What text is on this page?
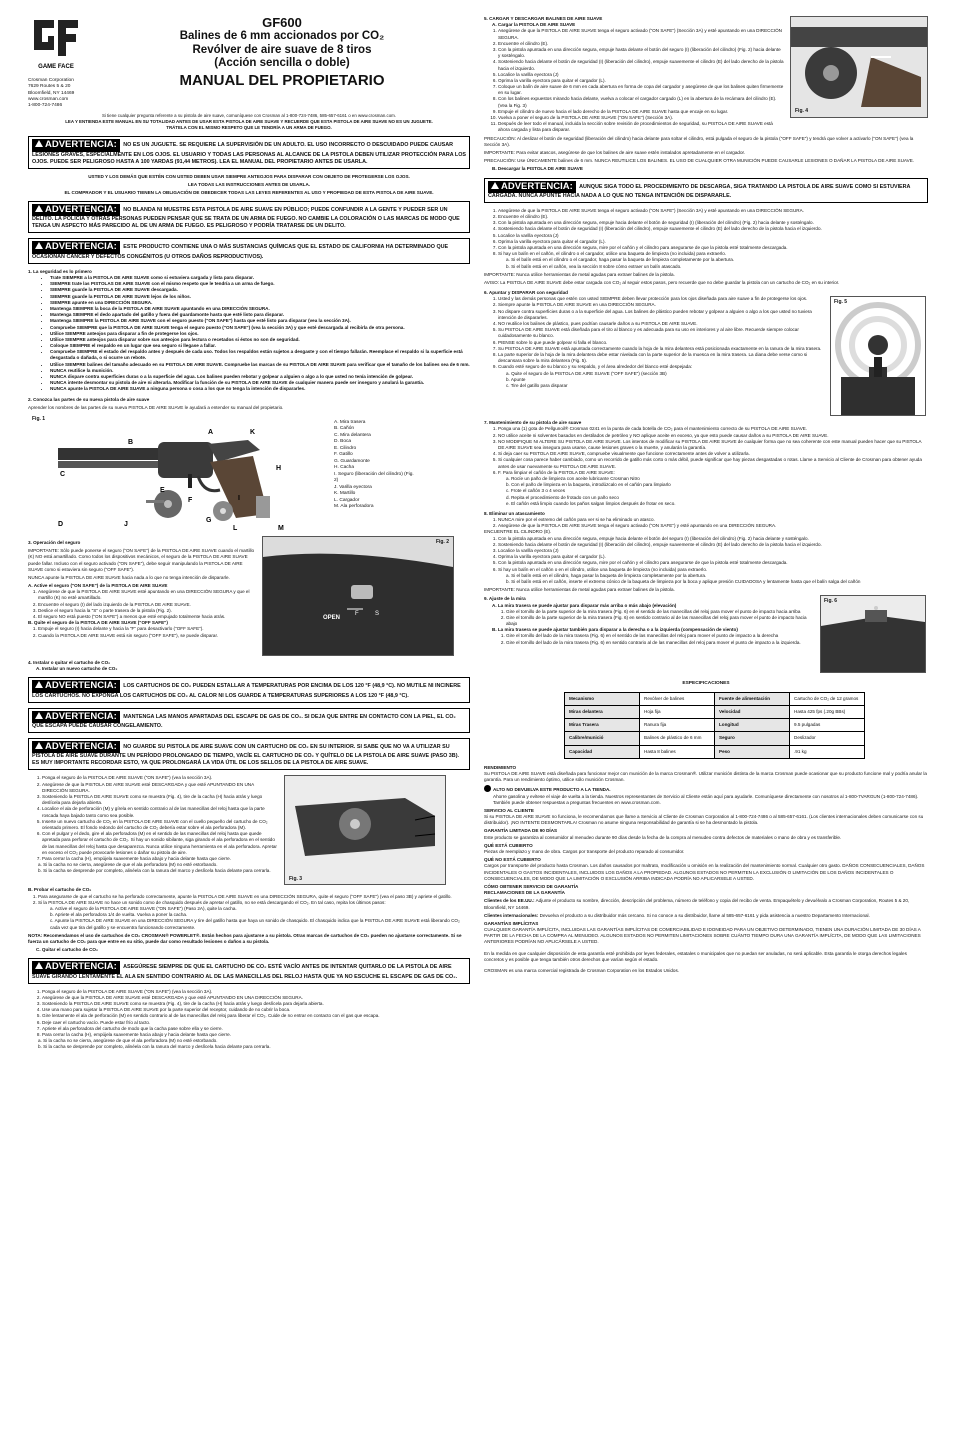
GAME FACE
Crosman Corporation
7629 Routes 5 & 20
Bloomfield, NY 14469
www.crosman.com
1-800-724-7486
GF600
Balines de 6 mm accionados por CO₂
Revólver de aire suave de 8 tiros
(Acción sencilla o doble)
MANUAL DEL PROPIETARIO
Si tiene cualquier pregunta referente a su pistola de aire suave, comuníquese con Crosman al 1-800-724-7486, 585-657-6161 o en www.crosman.com.
LEA Y ENTIENDA ESTE MANUAL EN SU TOTALIDAD ANTES DE USAR ESTA PISTOLA DE AIRE SUAVE Y RECUERDE QUE ESTA PISTOLA DE AIRE SUAVE NO ES UN JUGUETE.
TRÁTELA CON EL MISMO RESPETO QUE LE TENDRÍA A UN ARMA DE FUEGO.
ADVERTENCIA: NO ES UN JUGUETE. SE REQUIERE LA SUPERVISIÓN DE UN ADULTO. EL USO INCORRECTO O DESCUIDADO PUEDE CAUSAR LESIONES GRAVES, ESPECIALMENTE EN LOS OJOS. EL USUARIO Y TODAS LAS PERSONAS AL ALCANCE DE LA PISTOLA DEBEN UTILIZAR PROTECCIÓN PARA LOS OJOS. PUEDE SER PELIGROSO HASTA A 100 YARDAS (91,44 METROS). LEA EL MANUAL DEL PROPIETARIO ANTES DE USARLA.

USTED Y LOS DEMÁS QUE ESTÉN CON USTED DEBEN USAR SIEMPRE ANTEOJOS PARA DISPARAR CON OBJETO DE PROTEGERSE LOS OJOS.

LEA TODAS LAS INSTRUCCIONES ANTES DE USARLA.

EL COMPRADOR Y EL USUARIO TIENEN LA OBLIGACIÓN DE OBEDECER TODAS LAS LEYES REFERENTES AL USO Y PROPIEDAD DE ESTA PISTOLA DE AIRE SUAVE.

ADVERTENCIA: NO BLANDA NI MUESTRE ESTA PISTOLA DE AIRE SUAVE EN PÚBLICO; PUEDE CONFUNDIR A LA GENTE Y PUEDER SER UN DELITO. LA POLICÍA Y OTRAS PERSONAS PUEDEN PENSAR QUE SE TRATA DE UN ARMA DE FUEGO. NO CAMBIE LA COLORACIÓN O LAS MARCAS DE MODO QUE TENGA UN ASPECTO MÁS PARECIDO AL DE UN ARMA DE FUEGO. ES PELIGROSO Y PODRÍA TRATARSE DE UN DELITO.
ADVERTENCIA: ESTE PRODUCTO CONTIENE UNA O MÁS SUSTANCIAS QUÍMICAS QUE EL ESTADO DE CALIFORNIA HA DETERMINADO QUE OCASIONAN CÁNCER Y DEFECTOS CONGÉNITOS (U OTROS DAÑOS REPRODUCTIVOS).
1. La seguridad es lo primero
• Trate SIEMPRE a la PISTOLA DE AIRE SUAVE como si estuviera cargada y lista para disparar.
• SIEMPRE trate las PISTOLAS DE AIRE SUAVE con el mismo respeto que le tendría a un arma de fuego.
• SIEMPRE guarde la PISTOLA DE AIRE SUAVE descargada.
• SIEMPRE guarde la PISTOLA DE AIRE SUAVE lejos de los niños.
• SIEMPRE apunte en una DIRECCIÓN SEGURA.
• Mantenga SIEMPRE la boca de la PISTOLA DE AIRE SUAVE apuntando en una DIRECCIÓN SEGURA.
• Mantenga SIEMPRE el dedo apartado del gatillo y fuera del guardamonte hasta que esté listo para disparar.
• Mantenga SIEMPRE la PISTOLA DE AIRE SUAVE con el seguro puesto ("ON SAFE") hasta que esté listo para disparar (vea la sección 3A).
• Compruebe SIEMPRE que la PISTOLA DE AIRE SUAVE tenga el seguro puesto ("ON SAFE") (vea la sección 3A) y que esté descargada al recibirla de otra persona.
• Utilice SIEMPRE anteojos para disparar a fin de protegerse los ojos.
• Utilice SIEMPRE anteojos para disparar sobre sus anteojos para lectura o recetados si éstos no son de seguridad.
• Coloque SIEMPRE el respaldo en un lugar que sea seguro si llegase a fallar.
• Compruebe SIEMPRE el estado del respaldo antes y después de cada uso. Todos los respaldos están sujetos a desgaste y con el tiempo fallarán. Reemplace el respaldo si la superficie está desgastada o dañada, o si ocurre un rebote.
• Utilice SIEMPRE balines del tamaño adecuado en su PISTOLA DE AIRE SUAVE. Compruebe las marcas de su PISTOLA DE AIRE SUAVE para verificar que el tamaño de los balines sea de 6 mm.
• NUNCA reutilice la munición.
• NUNCA dispare contra superficies duras o a la superficie del agua. Los balines pueden rebotar y golpear a alguien o algo a lo que usted no tenía intención de golpear.
• NUNCA intente desmontar su pistola de aire ni alterarla. Modificar la función de su PISTOLA DE AIRE SUAVE de cualquier manera puede ser inseguro y anulará la garantía.
• NUNCA apunte la PISTOLA DE AIRE SUAVE a ninguna persona o cosa a los que no tenga la intención de dispararles.
2. Conozca las partes de su nueva pistola de aire suave

Aprender los nombres de las partes de su nueva PISTOLA DE AIRE SUAVE le ayudará a entender su manual del propietario.

Fig. 1
A
B
K
C
H
F	I
D	J
E
G
L	M
A. Mira trasera
B. Cañón
C. Mira delantera
D. Boca
E. Cilindro
F. Gatillo
G. Guardamonte
H. Cacha
I. Seguro (liberación del cilindro) (Fig. 2)
J. Varilla eyectora
K. Martillo
L. Cargador
M. Ala perforadora
3. Operación del seguro

IMPORTANTE: Sólo puede ponerse el seguro ("ON SAFE") de la PISTOLA DE AIRE SUAVE cuando el martillo (K) NO está amartillado. Como todos los dispositivos mecánicos, el seguro de la PISTOLA DE AIRE SUAVE puede fallar. Incluso con el seguro activado ("ON SAFE"), debe seguir manipulando la PISTOLA DE AIRE SUAVE como si estuviera sin seguro ("OFF SAFE").

NUNCA apunte la PISTOLA DE AIRE SUAVE hacia nada a lo que no tenga intención de dispararle.

A. Active el seguro ("ON SAFE") de la PISTOLA DE AIRE SUAVE
1. Asegúrese de que la PISTOLA DE AIRE SUAVE esté apuntando en una DIRECCIÓN SEGURA y que el martillo (K) no esté amartillado.
2. Encuentre el seguro (I) del lado izquierdo de la PISTOLA DE AIRE SUAVE.
3. Deslice el seguro hacia la "S" o parte trasera de la pistola (Fig. 2).
4. El seguro NO está puesto ("ON SAFE") a menos que esté empujado totalmente hacia atrás.
B. Quite el seguro de la PISTOLA DE AIRE SUAVE ("OFF SAFE")
1. Empuje el seguro (I) hacia delante y hacia la "F" para desactivarlo ("OFF SAFE").
2. Cuando la PISTOLA DE AIRE SUAVE está sin seguro ("OFF SAFE"), se puede disparar.
Fig. 2
OPEN
F	S
4. Instalar o quitar el cartucho de CO₂
A. Instalar un nuevo cartucho de CO₂
ADVERTENCIA: LOS CARTUCHOS DE CO₂ PUEDEN ESTALLAR A TEMPERATURAS POR ENCIMA DE LOS 120 °F (48,9 °C). NO MUTILE NI INCINERE LOS CARTUCHOS. NO EXPONGA LOS CARTUCHOS DE CO₂ AL CALOR NI LOS GUARDE A TEMPERATURAS SUPERIORES A LOS 120 °F (48,9 °C).
ADVERTENCIA: MANTENGA LAS MANOS APARTADAS DEL ESCAPE DE GAS DE CO₂. SI DEJA QUE ENTRE EN CONTACTO CON LA PIEL, EL CO₂ QUE ESCAPA PUEDE CAUSAR CONGELAMIENTO.
ADVERTENCIA: NO GUARDE SU PISTOLA DE AIRE SUAVE CON UN CARTUCHO DE CO₂ EN SU INTERIOR. SI SABE QUE NO VA A UTILIZAR SU PISTOLA DE AIRE SUAVE DURANTE UN PERÍODO PROLONGADO DE TIEMPO, VACÍE EL CARTUCHO DE CO₂ Y QUÍTELO DE LA PISTOLA DE AIRE SUAVE (PASO 3B). ES MUY IMPORTANTE RECORDAR ESTO, YA QUE PROLONGARÁ LA VIDA ÚTIL DE LOS SELLOS DE LA PISTOLA DE AIRE SUAVE.
1. Ponga el seguro de la PISTOLA DE AIRE SUAVE ("ON SAFE") (vea la sección 3A).
2. Asegúrese de que la PISTOLA DE AIRE SUAVE esté DESCARGADA y que esté APUNTANDO EN UNA DIRECCIÓN SEGURA.
3. Sosteniendo la PISTOLA DE AIRE SUAVE como se muestra (Fig. 4), tire de la cacha (H) hacia atrás y luego deslícela para dejarla abierta.
4. Localice el ala de perforación (M) y gírela en sentido contrario al de las manecillas del reloj hasta que la parte roscada haya bajado tanto como sea posible.
5. Inserte un nuevo cartucho de CO₂ en la PISTOLA DE AIRE SUAVE con el cuello pequeño del cartucho de CO₂ orientado primero. El fondo redondo del cartucho de CO₂ debería estar sobre el ala perforadora (M).
6. Con el pulgar y el dedo, gire el ala perforadora (M) en el sentido de las manecillas del reloj hasta que quede apretada para perforar el cartucho de CO₂. Si hay un sonido sibilante, siga girando el ala perforadora en el sentido de las manecillas del reloj hasta que desaparezca. Nunca utilice ninguna herramienta en el ala perforadora. Apretar en exceso el CO₂ puede provocarle lesiones o dañar su pistola de aire.
7. Para cerrar la cacha (H), empújela suavemente hacia abajo y hacia delante hasta que cierre.
a. Si la cacha no se cierra, asegúrese de que el ala perforadora (M) no esté estorbando.
b. Si la cacha se desprende por completo, alinéela con la ranura del marco y deslícela hacia delante para cerrarla.
Fig. 3
B. Probar el cartucho de CO₂
1. Para asegurarse de que el cartucho se ha perforado correctamente, apunte la PISTOLA DE AIRE SUAVE en una DIRECCIÓN SEGURA, quite el seguro ("OFF SAFE") (vea el paso 3B) y apriete el gatillo.
2. Si la PISTOLA DE AIRE SUAVE no hace un sonido como de chasquido después de apretar el gatillo, no se está descargando el CO₂. En tal caso, repita los últimos pasos:
a. Active el seguro de la PISTOLA DE AIRE SUAVE ("ON SAFE") (Paso 2A), quite la cacha.
b. Apriete el ala perforadora 1/4 de vuelta. Vuelva a poner la cacha.
c. Apunte la PISTOLA DE AIRE SUAVE en una DIRECCIÓN SEGURA y tire del gatillo hasta que haya un sonido de chasquido. El chasquido indica que la PISTOLA DE AIRE SUAVE está liberando CO₂ cada vez que tira del gatillo y se encuentra funcionando correctamente.

NOTA: Recomendamos el uso de cartuchos de CO₂ CROSMAN® POWERLET®. Están hechos para ajustarse a su pistola. Otras marcas de cartuchos de CO₂ pueden no ajustarse correctamente. Si se fuerza un cartucho de CO₂ para que entre en su sitio, puede dar como resultado lesiones o daños a su pistola.

C. Quitar el cartucho de CO₂
ADVERTENCIA: ASEGÚRESE SIEMPRE DE QUE EL CARTUCHO DE CO₂ ESTÉ VACÍO ANTES DE INTENTAR QUITARLO DE LA PISTOLA DE AIRE SUAVE GIRANDO LENTAMENTE EL ALA EN SENTIDO CONTRARIO AL DE LAS MANECILLAS DEL RELOJ HASTA QUE YA NO ESCUCHE EL ESCAPE DE GAS DE CO₂.
1. Ponga el seguro de la PISTOLA DE AIRE SUAVE ("ON SAFE") (vea la sección 3A).
2. Asegúrese de que la PISTOLA DE AIRE SUAVE esté DESCARGADA y que esté APUNTANDO EN UNA DIRECCIÓN SEGURA.
3. Sosteniendo la PISTOLA DE AIRE SUAVE como se muestra (Fig. 4), tire de la cacha (H) hacia atrás y luego deslícela para dejarla abierta.
4. Use una mano para sujetar la PISTOLA DE AIRE SUAVE por la parte superior del receptor, cuidando de no cubrir la boca.
5. Gire lentamente el ala de perforación (M) en sentido contrario al de las manecillas del reloj para liberar el CO₂. Cuide de no entrar en contacto con el gas que escapa.
6. Deje caer el cartucho vacío. Puede estar frío al tacto.
7. Apriete el ala perforadora del cartucho de modo que la cacha pase sobre ella y se cierre.
8. Para cerrar la cacha (H), empújela suavemente hacia abajo y hacia delante hasta que cierre.
a. Si la cacha no se cierra, asegúrese de que el ala perforadora (M) no esté estorbando.
b. Si la cacha se desprende por completo, alinéela con la ranura del marco y deslícela hacia delante para cerrarla.
5. CARGAR Y DESCARGAR BALINES DE AIRE SUAVE
A. Cargar la PISTOLA DE AIRE SUAVE
1. Asegúrese de que la PISTOLA DE AIRE SUAVE tenga el seguro activado ("ON SAFE") (Sección 3A) y esté apuntando en una DIRECCIÓN SEGURA.
2. Encuentre el cilindro (E).
3. Con la pistola apuntada en una dirección segura, empuje hasta delante el botón del seguro (I) (liberación del cilindro) (Fig. 2) hacia delante y sosténgalo.
4. Sosteniendo hacia delante el botón de seguridad (I) (liberación del cilindro), empuje suavemente el cilindro (E) del lado derecho de la pistola hacia el izquierdo.
5. Localice la varilla eyectora (J)
6. Oprima la varilla eyectora para quitar el cargador (L).
7. Coloque un balín de aire suave de 6 mm en cada abertura en forma de copa del cargador y asegúrese de que los balines quiten firmemente en su lugar.
8. Con los balines expuestos mirando hacia delante, vuelva a colocar el cargador cargado (L) en la abertura de la recámara del cilindro (E). (Vea la Fig. 3)
9. Empuje el cilindro de nuevo hacia el lado derecho de la PISTOLA DE AIRE SUAVE hasta que encaje en su lugar.
10. Vuelva a poner el seguro de la PISTOLA DE AIRE SUAVE ("ON SAFE") (Sección 3A).
11. Después de leer todo el manual, incluida la sección sobre revisión de procedimientos de seguridad, su PISTOLA DE AIRE SUAVE está ahora cargada y lista para disparar.
Fig. 4

PRECAUCIÓN: Al deslizar el botón de seguridad (liberación del cilindro) hacia delante para soltar el cilindro, está pulgada el seguro de la pistola ("OFF SAFE") y tendrá que volver a activarlo ("ON SAFE") (vea la Sección 3A).

IMPORTANTE: Para evitar atascos, asegúrese de que los balines de aire suave estén instalados apretadamente en el cargador.

PRECAUCIÓN: Use ÚNICAMENTE balines de 6 mm. NUNCA REUTILICE LOS BALINES. EL USO DE CUALQUIER OTRA MUNICIÓN PUEDE CAUSARLE LESIONES O DAÑAR LA PISTOLA DE AIRE SUAVE.

B. Descargar la PISTOLA DE AIRE SUAVE
ADVERTENCIA: AUNQUE SIGA TODO EL PROCEDIMIENTO DE DESCARGA, SIGA TRATANDO LA PISTOLA DE AIRE SUAVE COMO SI ESTUVIERA CARGADA. NUNCA APUNTE HACIA NADA A LO QUE NO TENGA INTENCIÓN DE DISPARARLE.
1. Asegúrese de que la PISTOLA DE AIRE SUAVE tenga el seguro activado ("ON SAFE") (Sección 3A) y esté apuntando en una DIRECCIÓN SEGURA.
2. Encuentre el cilindro (E).
3. Con la pistola apuntada en una dirección segura, empuje hacia delante el botón de seguridad (I) (liberación del cilindro) (Fig. 2) hacia delante y sosténgalo.
4. Sosteniendo hacia delante el botón de seguridad (I) (liberación del cilindro), empuje suavemente el cilindro (E) del lado derecho de la pistola hacia el izquierdo.
5. Localice la varilla eyectora (J)
6. Oprima la varilla eyectora para quitar el cargador (L).
7. Con la pistola apuntada en una dirección segura, mire por el cañón y el cilindro para asegurarse de que la pistola esté totalmente descargada.
8. Si hay un balín en el cañón, el cilindro o el cargador, utilice una baqueta de limpieza (no incluida) para extraerlo.
a. Si el balín está en el cilindro o el cargador, haga pasar la baqueta de limpieza completamente por la abertura.
b. Si el balín está en el cañón, vea la sección 8 sobre cómo extraer un balín atascado.

IMPORTANTE: Nunca utilice herramientas de metal agudas para extraer balines de la pistola.

AVISO: La PISTOLA DE AIRE SUAVE debe estar cargada con CO₂ al seguir estos pasos, pero recuerde que no debe guardar la pistola con un cartucho de CO₂ en su interior.

6. Apuntar y DISPARAR con seguridad
1. Usted y las demás personas que estén con usted SIEMPRE deben llevar protección para los ojos diseñada para aire suave a fin de protegerse los ojos.
2. Siempre apunte la PISTOLA DE AIRE SUAVE en una DIRECCIÓN SEGURA.
3. No dispare contra superficies duras o a la superficie del agua. Los balines de plástico pueden rebotar y golpear a alguien o algo a los que usted no tuviera intención de dispararles.
4. NO reutilice los balines de plástico, pues podrían causarle daños a su PISTOLA DE AIRE SUAVE.
5. Su PISTOLA DE AIRE SUAVE está diseñada para el tiro al blanco y es adecuada para su uso en interiores y al aire libre. Recuerde siempre colocar cuidadosamente su blanco.
6. PIENSE sobre lo que puede golpear si falla el blanco.
7. Su PISTOLA DE AIRE SUAVE está apuntada correctamente cuando la hoja de la mira delantera está posicionada exactamente en la ranura de la mira trasera.
8. La parte superior de la hoja de la mira delantera debe estar nivelada con la parte superior de la muesca en la mira trasera. La diana debe verse como si descansara sobre la mira delantera (Fig. 5).
9. Cuando esté seguro de su blanco y su respaldo, y el área alrededor del blanco esté despejada:
a. Quite el seguro de la PISTOLA DE AIRE SUAVE ("OFF SAFE") (sección 3B)
b. Apunte
c. Tire del gatillo para disparar
Fig. 5
7. Mantenimiento de su pistola de aire suave
1. Ponga una (1) gota de Pellgunoil® Crosman 0241 en la punta de cada botella de CO₂ para el mantenimiento correcto de su PISTOLA DE AIRE SUAVE.
2. NO utilice aceite ni solventes basados en destilados de petróleo y NO aplique aceite en exceso, ya que esto puede causar daños a su PISTOLA DE AIRE SUAVE.
3. NO MODIFIQUE NI ALTERE SU PISTOLA DE AIRE SUAVE. Los intentos de modificar su PISTOLA DE AIRE SUAVE de cualquier forma que no sea coherente con este manual pueden hacer que su PISTOLA DE AIRE SUAVE sea insegura para usarse, cause lesiones graves o la muerte, y anularán la garantía.
4. Si deja caer su PISTOLA DE AIRE SUAVE, compruebe visualmente que funcione correctamente antes de volver a utilizarla.
5. Si cualquier cosa parece haber cambiado, como un recorrido de gatillo más corto o más débil, puede significar que hay piezas desgastadas o rotas. Llame a Servicio al Cliente de Crosman para obtener ayuda antes de usar nuevamente su PISTOLA DE AIRE SUAVE.
6. F. Para limpiar el cañón de la PISTOLA DE AIRE SUAVE:
a. Rocíe un paño de limpieza con aceite lubricante Crosman Nitro
b. Con el paño de limpieza en la baqueta, introdúzcalo en el cañón para limpiarlo
c. Frote el cañón 3 o 4 veces
d. Repita el procedimiento de frotado con un paño seco
e. El cañón está limpio cuando los paños salgan limpios después de frotar en seco.
8. Eliminar un atascamiento
1. NUNCA mire por el extremo del cañón para ver si se ha eliminado un atasco.
2. Asegúrese de que la PISTOLA DE AIRE SUAVE tenga el seguro activado ("ON SAFE") y esté apuntando en una DIRECCIÓN SEGURA.
ENCUENTRE EL CILINDRO (E).
1. Con la pistola apuntada en una dirección segura, empuje hacia delante el botón del seguro (I) (liberación del cilindro) (Fig. 2) hacia delante y sosténgalo.
2. Sosteniendo hacia delante el botón de seguridad (I) (liberación del cilindro), empuje suavemente el cilindro (E) del lado derecho de la pistola hacia el izquierdo.
3. Localice la varilla eyectora (J)
4. Oprima la varilla eyectora para quitar el cargador (L).
5. Con la pistola apuntada en una dirección segura, mire por el cañón y el cilindro para asegurarse de que la pistola esté totalmente descargada.
6. Si hay un balín en el cañón o en el cilindro, utilice una baqueta de limpieza (no incluida) para extraerlo.
a. Si el balín está en el cilindro, haga pasar la baqueta de limpieza completamente por la abertura.
b. Si el balín está en el cañón, inserte el extremo cónico de la baqueta de limpieza por la boca y aplique presión CUIDADOSA y lentamente hasta que el balín salga del cañón

IMPORTANTE: Nunca utilice herramientas de metal agudas para extraer balines de la pistola.

9. Ajuste de la mira
A. La mira trasera se puede ajustar para disparar más arriba o más abajo (elevación)
1. Gire el tornillo de la parte superior de la mira trasera (Fig. 6) en el sentido de las manecillas del reloj para mover el punto de impacto hacia arriba
2. Gire el tornillo de la parte superior de la mira trasera (Fig. 6) en sentido contrario al de las manecillas del reloj para mover el punto de impacto hacia abajo
B. La mira trasera se puede ajustar también para disparar a la derecha o a la izquierda (compensación de viento)
1. Gire el tornillo del lado de la mira trasera (Fig. 6) en el sentido de las manecillas del reloj para mover el punto de impacto a la derecha
2. Gire el tornillo del lado de la mira trasera (Fig. 6) en sentido contrario al de las manecillas del reloj para mover el punto de impacto a la izquierda.
Fig. 6
ESPECIFICACIONES
Mecanismo	Revólver de balines	Fuente de alimentación	Cartucho de CO₂ de 12 gramos
Miras delantera	Hoja fija	Velocidad	Hasta 425 fps (.20g BBs)
Miras Trasera	Ranura fija	Longitud	9.5 pulgadas
Calibre/munició	Balines de plástico de 6 mm	Seguro	Deslizador
Capacidad	Hasta 8 balines	Peso	.91 kg
RENDIMIENTO
Su PISTOLA DE AIRE SUAVE está diseñada para funcionar mejor con munición de la marca Crosman®. Utilizar munición distinta de la marca Crosman puede ocasionar que su producto funcione mal y podría anular la garantía. Para un rendimiento óptimo, utilice sólo munición Crosman.
ALTO NO DEVUELVA ESTE PRODUCTO A LA TIENDA.
Ahorre gasolina y evítese el viaje de vuelta a la tienda. Nuestros representantes de Servicio al Cliente están aquí para ayudarle. Comuníquese directamente con nosotros al 1-800-7VARGUN (1-800-724-7486). También puede obtener respuestas a preguntas frecuentes en www.crosman.com.
SERVICIO AL CLIENTE
Si su PISTOLA DE AIRE SUAVE no funciona, le recomendamos que llame a Servicio al Cliente de Crosman Corporation al 1-800-724-7486 o al 585-657-6161. (Los clientes internacionales deben comunicarse con su distribuidor). ¡NO INTENTE DESMONTARLA! Crosman no asume ninguna responsabilidad de garantía si se ha desmontado la pistola.
GARANTÍA LIMITADA DE 90 DÍAS
Este producto se garantiza al consumidor al menudeo durante 90 días desde la fecha de la compra al menudeo contra defectos de materiales o mano de obra y es transferible.
QUÉ ESTÁ CUBIERTO
Piezas de reemplazo y mano de obra. Cargos por transporte del producto reparado al consumidor.
QUÉ NO ESTÁ CUBIERTO
Cargos por transporte del producto hasta Crosman. Los daños causados por maltrato, modificación u omisión en la realización del mantenimiento normal. Cualquier otro gasto. DAÑOS CONSECUENCIALES, DAÑOS INCIDENTALES O GASTOS INCIDENTALES, INCLUIDOS LOS DAÑOS A LA PROPIEDAD. ALGUNOS ESTADOS NO PERMITEN LA EXCLUSIÓN O LIMITACIÓN DE LOS DAÑOS INCIDENTALES O CONSECUENCIALES, DE MODO QUE LA LIMITACIÓN O EXCLUSIÓN ARRIBA INDICADA PODRÍA NO APLICARSELE A USTED.
CÓMO OBTENER SERVICIO DE GARANTÍA
RECLAMACIONES DE LA GARANTÍA
Clientes de los EE.UU.: Adjunte el producto su nombre, dirección, descripción del problema, número de teléfono y copia del recibo de venta. Empaquételo y devuélvalo a Crosman Corporation, Routes 5 & 20, Bloomfield, NY 14469.
Clientes internacionales: Devuelva el producto a su distribuidor más cercano. Si no conoce a su distribuidor, llame al 585-657-6161 y pida asistencia a nuestro Departamento Internacional.
GARANTÍAS IMPLÍCITAS
CUALQUIER GARANTÍA IMPLÍCITA, INCLUIDAS LAS GARANTÍAS IMPLÍCITAS DE COMERCIABILIDAD E IDONEIDAD PARA UN OBJETIVO DETERMINADO, TIENEN UNA DURACIÓN LIMITADA DE 30 DÍAS A PARTIR DE LA FECHA DE LA COMPRA AL MENUDEO. ALGUNOS ESTADOS NO PERMITEN LIMITACIONES SOBRE CUÁNTO TIEMPO DURA UNA GARANTÍA IMPLÍCITA, DE MODO QUE LAS LIMITACIONES ANTERIORES PODRÍAN NO APLICÁRSELE A USTED.
En la medida en que cualquier disposición de esta garantía esté prohibida por leyes federales, estatales o municipales que no puedan ser anuladas, no será aplicable. Esta garantía le otorga derechos legales concretos y es posible que tenga también otros derechos que varían según el estado.
CROSMAN es una marca comercial registrada de Crosman Corporation en los Estados Unidos.
